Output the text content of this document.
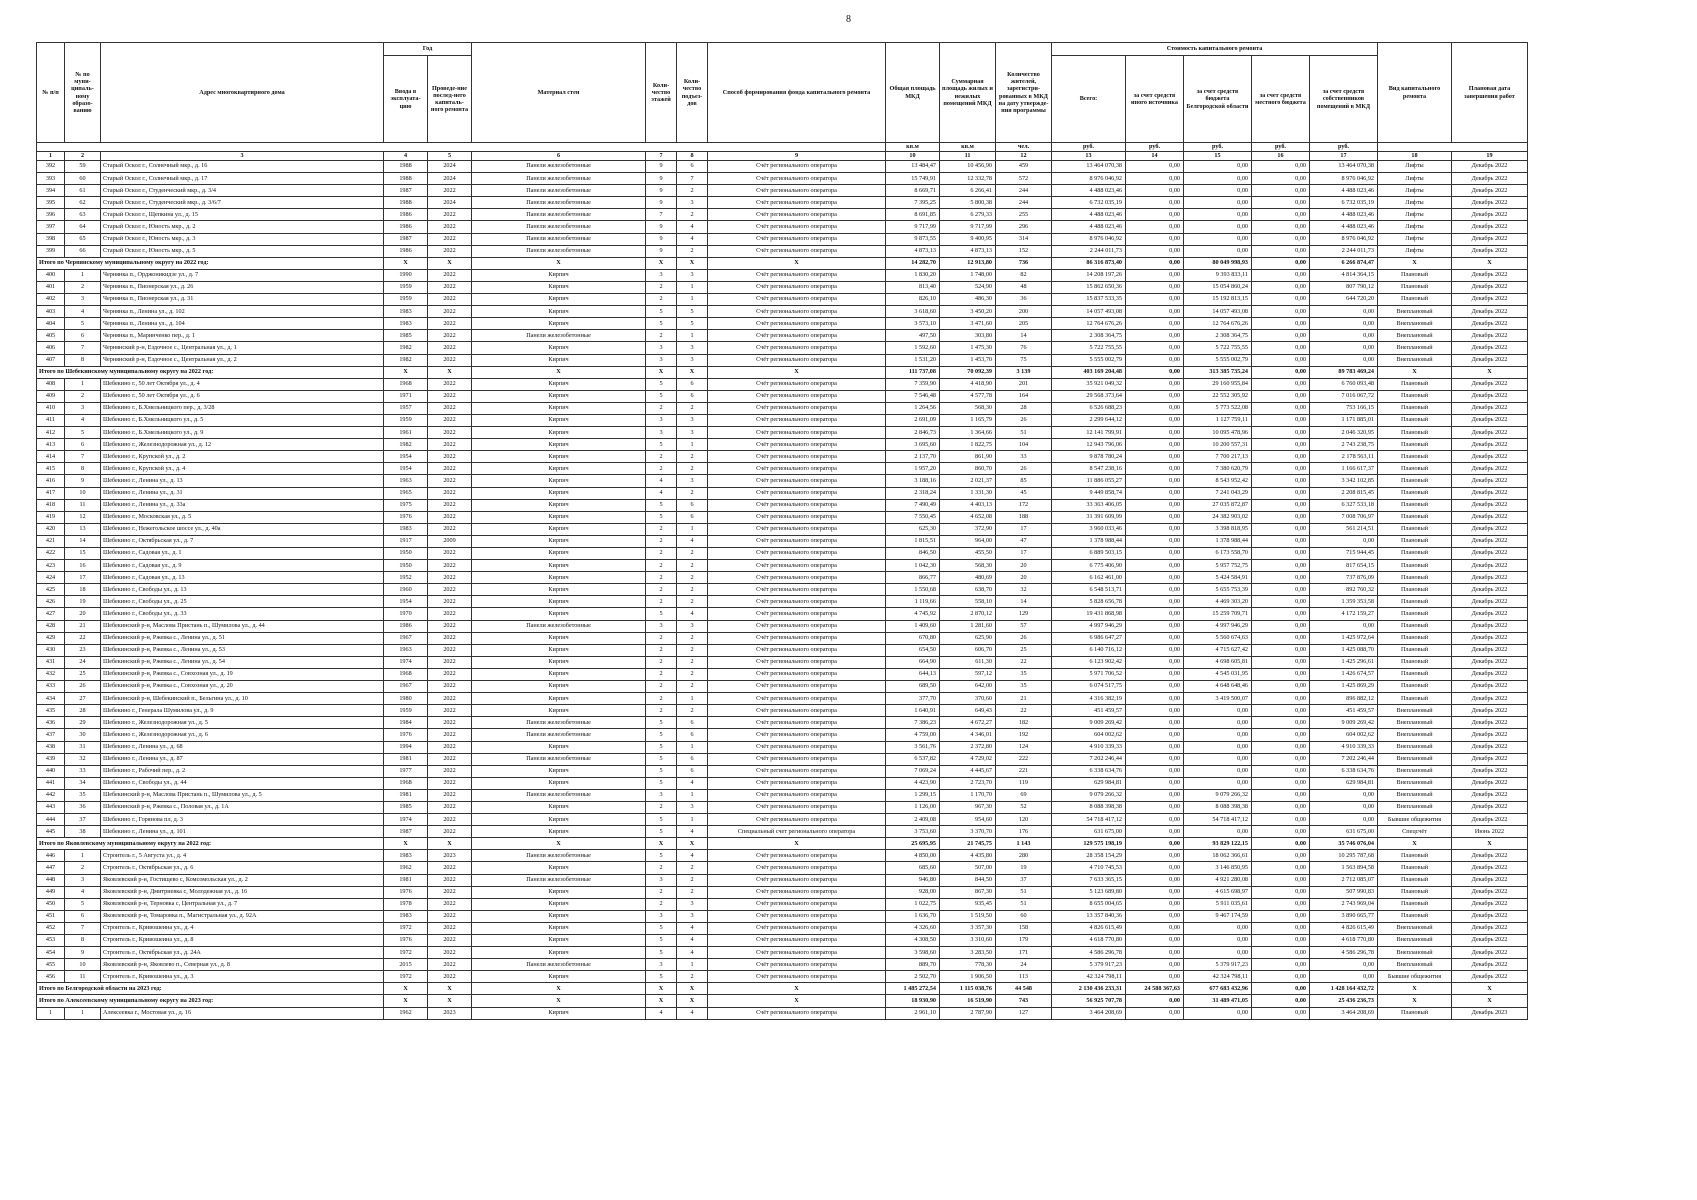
8
№ п/п	№ по муни-ципаль-ному образо-ванию	Адрес многоквартирного дома	Год		Материал стен	Коли-чество этажей	Коли-чество подъез-дов	Способ формирования фонда капитального ремонта	Общая площадь МКД	Суммарная площадь жилых и нежилых помещений МКД	Количество жителей, зарегистри-рованных в МКД на дату утвержде-ния программы	Стоимость капитального ремонта					Вид капитального ремонта	Плановая дата завершения работ
			Ввода в эксплуата-цию	Проведе-ние послед-него капиталь-ного ремонта								Всего:	за счет средств иного источника	за счет средств бюджета Белгородской области	за счет средств местного бюджета	за счет средств собственников помещений в МКД		
									кв.м	кв.м	чел.	руб.	руб.	руб.	руб.	руб.		
1	2	3	4	5	6	7	8	9	10	11	12	13	14	15	16	17	18	19
392	59	Старый Оскол г., Солнечный мкр., д. 16	1988	2024	Панели железобетонные	9	6	Счёт регионального оператора	13 484,47	10 456,90	459	13 464 070,38	0,00	0,00	0,00	13 464 070,38	Лифты	Декабрь 2022
393	60	Старый Оскол г., Солнечный мкр., д. 17	1988	2024	Панели железобетонные	9	7	Счёт регионального оператора	15 749,91	12 332,78	572	8 976 046,92	0,00	0,00	0,00	8 976 046,92	Лифты	Декабрь 2022
394	61	Старый Оскол г., Студенческий мкр., д. 3/4	1987	2022	Панели железобетонные	9	2	Счёт регионального оператора	8 669,71	6 266,41	244	4 488 023,46	0,00	0,00	0,00	4 488 023,46	Лифты	Декабрь 2022
395	62	Старый Оскол г., Студенческий мкр., д. 3/6/7	1988	2024	Панели железобетонные	9	3	Счёт регионального оператора	7 395,25	5 800,38	244	6 732 035,19	0,00	0,00	0,00	6 732 035,19	Лифты	Декабрь 2022
396	63	Старый Оскол г., Щепкина ул., д. 15	1986	2022	Панели железобетонные	7	2	Счёт регионального оператора	8 691,85	6 279,33	255	4 488 023,46	0,00	0,00	0,00	4 488 023,46	Лифты	Декабрь 2022
397	64	Старый Оскол г., Юность мкр., д. 2	1986	2022	Панели железобетонные	9	4	Счёт регионального оператора	9 717,99	9 717,99	296	4 488 023,46	0,00	0,00	0,00	4 488 023,46	Лифты	Декабрь 2022
398	65	Старый Оскол г., Юность мкр., д. 3	1987	2022	Панели железобетонные	9	4	Счёт регионального оператора	9 873,55	9 400,95	314	8 976 046,92	0,00	0,00	0,00	8 976 046,92	Лифты	Декабрь 2022
399	66	Старый Оскол г., Юность мкр., д. 5	1986	2022	Панели железобетонные	9	2	Счёт регионального оператора	4 873,13	4 873,13	152	2 244 011,73	0,00	0,00	0,00	2 244 011,73	Лифты	Декабрь 2022
Итого по Чернянскому муниципальному округу на 2022 год:			X	X	X	X	X	X	14 282,70	12 913,80	736	86 316 873,40	0,00	80 049 998,93	0,00	6 266 874,47	X	X
400	1	Чернянка п., Орджоникидзе ул., д. 7	1990	2022	Кирпич	3	3	Счёт регионального оператора	1 830,20	1 748,00	82	14 208 197,26	0,00	9 393 833,11	0,00	4 814 364,15	Плановый	Декабрь 2022
401	2	Чернянка п., Пионерская ул., д. 26	1959	2022	Кирпич	2	1	Счёт регионального оператора	813,40	524,90	48	15 862 650,36	0,00	15 054 860,24	0,00	807 790,12	Плановый	Декабрь 2022
402	3	Чернянка п., Пионерская ул., д. 31	1959	2022	Кирпич	2	1	Счёт регионального оператора	826,10	486,30	36	15 837 533,35	0,00	15 192 813,15	0,00	644 720,20	Плановый	Декабрь 2022
403	4	Чернянка п., Ленина ул., д. 102	1983	2022	Кирпич	5	5	Счёт регионального оператора	3 618,60	3 450,20	200	14 057 493,08	0,00	14 057 493,08	0,00	0,00	Внеплановый	Декабрь 2022
404	5	Чернянка п., Ленина ул., д. 104	1983	2022	Кирпич	5	5	Счёт регионального оператора	3 573,10	3 471,60	205	12 764 676,26	0,00	12 764 676,26	0,00	0,00	Внеплановый	Декабрь 2022
405	6	Чернянка п., Маринченко пер., д. 1	1985	2022	Панели железобетонные	2	1	Счёт регионального оператора	497,50	303,80	14	2 308 364,75	0,00	2 308 364,75	0,00	0,00	Внеплановый	Декабрь 2022
406	7	Чернянский р-н, Ездочное с., Центральная ул., д. 1	1982	2022	Кирпич	3	3	Счёт регионального оператора	1 592,60	1 475,30	76	5 722 755,55	0,00	5 722 755,55	0,00	0,00	Внеплановый	Декабрь 2022
407	8	Чернянский р-н, Ездочное с., Центральная ул., д. 2	1982	2022	Кирпич	3	3	Счёт регионального оператора	1 531,20	1 453,70	75	5 555 002,79	0,00	5 555 002,79	0,00	0,00	Внеплановый	Декабрь 2022
Итого по Шебекинскому муниципальному округу на 2022 год:			X	X	X	X	X	X	111 737,08	70 092,39	3 139	403 169 204,48	0,00	313 385 735,24	0,00	89 783 469,24	X	X
408	1	Шебекино г., 50 лет Октября ул., д. 4	1968	2022	Кирпич	5	6	Счёт регионального оператора	7 359,90	4 418,90	201	35 921 049,32	0,00	29 160 955,84	0,00	6 760 093,48	Плановый	Декабрь 2022
409	2	Шебекино г., 50 лет Октября ул., д. 6	1971	2022	Кирпич	5	6	Счёт регионального оператора	7 546,48	4 577,78	164	29 568 373,64	0,00	22 552 305,92	0,00	7 016 067,72	Плановый	Декабрь 2022
410	3	Шебекино г., Б.Хмельницкого пер., д. 3/28	1957	2022	Кирпич	2	2	Счёт регионального оператора	1 264,56	568,30	28	6 526 688,23	0,00	5 773 522,08	0,00	753 166,15	Плановый	Декабрь 2022
411	4	Шебекино г., Б.Хмельницкого ул., д. 5	1959	2022	Кирпич	3	3	Счёт регионального оператора	2 691,09	1 165,79	26	2 299 644,12	0,00	1 127 759,11	0,00	1 171 885,01	Плановый	Декабрь 2022
412	5	Шебекино г., Б.Хмельницкого ул., д. 9	1961	2022	Кирпич	3	3	Счёт регионального оператора	2 846,73	1 364,66	51	12 141 799,91	0,00	10 095 478,96	0,00	2 046 320,95	Плановый	Декабрь 2022
413	6	Шебекино г., Железнодорожная ул., д. 12	1982	2022	Кирпич	5	1	Счёт регионального оператора	3 695,60	1 822,75	104	12 943 796,06	0,00	10 200 557,31	0,00	2 743 238,75	Плановый	Декабрь 2022
414	7	Шебекино г., Крупской ул., д. 2	1954	2022	Кирпич	2	2	Счёт регионального оператора	2 137,70	861,90	33	9 878 780,24	0,00	7 700 217,13	0,00	2 178 563,11	Плановый	Декабрь 2022
415	8	Шебекино г., Крупской ул., д. 4	1954	2022	Кирпич	2	2	Счёт регионального оператора	1 957,20	860,70	26	8 547 238,16	0,00	7 380 620,79	0,00	1 166 617,37	Плановый	Декабрь 2022
416	9	Шебекино г., Ленина ул., д. 13	1963	2022	Кирпич	4	3	Счёт регионального оператора	3 188,16	2 021,37	85	11 886 055,27	0,00	8 543 952,42	0,00	3 342 102,85	Плановый	Декабрь 2022
417	10	Шебекино г., Ленина ул., д. 31	1965	2022	Кирпич	4	2	Счёт регионального оператора	2 318,24	1 331,30	45	9 449 858,74	0,00	7 241 043,29	0,00	2 208 815,45	Плановый	Декабрь 2022
418	11	Шебекино г., Ленина ул., д. 33а	1975	2022	Кирпич	5	6	Счёт регионального оператора	7 490,49	4 403,13	172	33 363 406,05	0,00	27 035 872,87	0,00	6 327 533,18	Плановый	Декабрь 2022
419	12	Шебекино г., Московская ул., д. 5	1976	2022	Кирпич	5	6	Счёт регионального оператора	7 550,45	4 652,08	188	31 391 609,99	0,00	24 382 903,02	0,00	7 008 706,97	Плановый	Декабрь 2022
420	13	Шебекино г., Нежегольское шоссе ул., д. 40а	1983	2022	Кирпич	2	1	Счёт регионального оператора	625,30	372,90	17	3 960 033,46	0,00	3 398 818,95	0,00	561 214,51	Плановый	Декабрь 2022
421	14	Шебекино г., Октябрьская ул., д. 7	1917	2009	Кирпич	2	4	Счёт регионального оператора	1 815,51	964,00	47	1 378 988,44	0,00	1 378 988,44	0,00	0,00	Плановый	Декабрь 2022
422	15	Шебекино г., Садовая ул., д. 1	1950	2022	Кирпич	2	2	Счёт регионального оператора	846,50	455,50	17	6 889 503,15	0,00	6 173 558,70	0,00	715 944,45	Плановый	Декабрь 2022
423	16	Шебекино г., Садовая ул., д. 9	1950	2022	Кирпич	2	2	Счёт регионального оператора	1 042,30	568,30	20	6 775 406,90	0,00	5 957 752,75	0,00	817 654,15	Плановый	Декабрь 2022
424	17	Шебекино г., Садовая ул., д. 13	1952	2022	Кирпич	2	2	Счёт регионального оператора	866,77	480,69	20	6 162 461,00	0,00	5 424 584,91	0,00	737 876,09	Плановый	Декабрь 2022
425	18	Шебекино г., Свободы ул., д. 13	1960	2022	Кирпич	2	2	Счёт регионального оператора	1 550,68	638,70	32	6 548 513,71	0,00	5 655 753,39	0,00	892 760,32	Плановый	Декабрь 2022
426	19	Шебекино г., Свободы ул., д. 25	1954	2022	Кирпич	2	2	Счёт регионального оператора	1 119,66	558,10	14	5 828 656,78	0,00	4 469 303,20	0,00	1 359 353,58	Плановый	Декабрь 2022
427	20	Шебекино г., Свободы ул., д. 33	1970	2022	Кирпич	5	4	Счёт регионального оператора	4 745,92	2 870,12	129	19 431 868,98	0,00	15 259 709,71	0,00	4 172 159,27	Плановый	Декабрь 2022
428	21	Шебекинский р-н, Маслова Пристань п., Шумилова ул., д. 44	1986	2022	Панели железобетонные	3	3	Счёт регионального оператора	1 409,60	1 281,60	57	4 997 946,29	0,00	4 997 946,29	0,00	0,00	Плановый	Декабрь 2022
429	22	Шебекинский р-н, Ржевка с., Ленина ул., д. 51	1967	2022	Кирпич	2	2	Счёт регионального оператора	670,80	625,90	26	6 986 647,27	0,00	5 560 674,63	0,00	1 425 972,64	Плановый	Декабрь 2022
430	23	Шебекинский р-н, Ржевка с., Ленина ул., д. 53	1963	2022	Кирпич	2	2	Счёт регионального оператора	654,50	606,70	25	6 140 716,12	0,00	4 715 627,42	0,00	1 425 088,70	Плановый	Декабрь 2022
431	24	Шебекинский р-н, Ржевка с., Ленина ул., д. 54	1974	2022	Кирпич	2	2	Счёт регионального оператора	664,90	611,30	22	6 123 902,42	0,00	4 698 605,81	0,00	1 425 296,61	Плановый	Декабрь 2022
432	25	Шебекинский р-н, Ржевка с., Совхозная ул., д. 19	1968	2022	Кирпич	2	2	Счёт регионального оператора	644,13	597,12	35	5 971 706,52	0,00	4 545 031,95	0,00	1 426 674,57	Плановый	Декабрь 2022
433	26	Шебекинский р-н, Ржевка с., Совхозная ул., д. 20	1967	2022	Кирпич	2	2	Счёт регионального оператора	689,50	642,00	35	6 074 517,75	0,00	4 648 648,46	0,00	1 425 869,29	Плановый	Декабрь 2022
434	27	Шебекинский р-н, Шебекинский п., Бельгина ул., д. 10	1980	2022	Кирпич	2	1	Счёт регионального оператора	377,70	370,60	21	4 316 382,19	0,00	3 419 500,07	0,00	896 882,12	Плановый	Декабрь 2022
435	28	Шебекино г., Генерала Шумилова ул., д. 9	1959	2022	Кирпич	2	2	Счёт регионального оператора	1 640,91	649,43	22	451 459,57	0,00	0,00	0,00	451 459,57	Внеплановый	Декабрь 2022
436	29	Шебекино г., Железнодорожная ул., д. 5	1984	2022	Панели железобетонные	5	6	Счёт регионального оператора	7 386,23	4 672,27	182	9 009 269,42	0,00	0,00	0,00	9 009 269,42	Внеплановый	Декабрь 2022
437	30	Шебекино г., Железнодорожная ул., д. 6	1976	2022	Панели железобетонные	5	6	Счёт регионального оператора	4 759,00	4 346,01	192	604 002,62	0,00	0,00	0,00	604 002,62	Внеплановый	Декабрь 2022
438	31	Шебекино г., Ленина ул., д. 68	1994	2022	Кирпич	5	1	Счёт регионального оператора	3 561,76	2 372,80	124	4 910 339,33	0,00	0,00	0,00	4 910 339,33	Внеплановый	Декабрь 2022
439	32	Шебекино г., Ленина ул., д. 87	1981	2022	Панели железобетонные	5	6	Счёт регионального оператора	6 537,82	4 729,02	222	7 202 246,44	0,00	0,00	0,00	7 202 246,44	Внеплановый	Декабрь 2022
440	33	Шебекино г., Рабочий пер., д. 2	1977	2022	Кирпич	5	6	Счёт регионального оператора	7 069,24	4 445,67	221	6 338 634,76	0,00	0,00	0,00	6 338 634,76	Внеплановый	Декабрь 2022
441	34	Шебекино г., Свободы ул., д. 44	1968	2022	Кирпич	5	4	Счёт регионального оператора	4 423,90	2 723,70	119	629 984,81	0,00	0,00	0,00	629 984,81	Внеплановый	Декабрь 2022
442	35	Шебекинский р-н, Маслова Пристань п., Шумилова ул., д. 5	1981	2022	Панели железобетонные	3	1	Счёт регионального оператора	1 299,15	1 170,70	69	9 079 266,32	0,00	9 079 266,32	0,00	0,00	Внеплановый	Декабрь 2022
443	36	Шебекинский р-н, Ржевка с., Половая ул., д. 1А	1985	2022	Кирпич	2	3	Счёт регионального оператора	1 126,00	967,30	52	8 088 398,38	0,00	8 088 398,38	0,00	0,00	Внеплановый	Декабрь 2022
444	37	Шебекино г., Горянова пл, д. 3	1974	2022	Кирпич	5	1	Счёт регионального оператора	2 409,08	954,60	120	54 718 417,12	0,00	54 718 417,12	0,00	0,00	Бывшие общежития	Декабрь 2022
445	38	Шебекино г., Ленина ул., д. 101	1987	2022	Кирпич	5	4	Специальный счет регионального оператора	3 753,60	3 370,70	176	631 675,00	0,00	0,00	0,00	631 675,00	Спецсчёт	Июнь 2022
Итого по Яковлевскому муниципальному округу на 2022 год:			X	X	X	X	X	X	25 695,95	21 745,75	1 143	129 575 198,19	0,00	93 829 122,15	0,00	35 746 076,04	X	X
446	1	Строитель г., 5 Августа ул., д. 4	1983	2023	Панели железобетонные	5	4	Счёт регионального оператора	4 850,00	4 435,80	280	28 358 154,29	0,00	18 062 366,61	0,00	10 295 787,68	Плановый	Декабрь 2022
447	2	Строитель г., Октябрьская ул., д. 6	1962	2022	Кирпич	2	2	Счёт регионального оператора	685,60	507,00	19	4 710 745,53	0,00	3 146 850,95	0,00	1 563 894,58	Плановый	Декабрь 2022
448	3	Яковлевский р-н, Гостищево с, Комсомольская ул., д. 2	1981	2022	Панели железобетонные	3	2	Счёт регионального оператора	946,80	844,50	37	7 633 365,15	0,00	4 921 280,08	0,00	2 712 085,07	Плановый	Декабрь 2022
449	4	Яковлевский р-н, Дмитриевка с, Молодежная ул., д. 16	1976	2022	Кирпич	2	2	Счёт регионального оператора	928,00	867,30	51	5 123 689,80	0,00	4 615 698,97	0,00	507 990,83	Плановый	Декабрь 2022
450	5	Яковлевский р-н, Терновка с, Центральная ул., д. 7	1978	2022	Кирпич	2	3	Счёт регионального оператора	1 022,75	935,45	51	8 655 004,65	0,00	5 911 035,61	0,00	2 743 969,04	Плановый	Декабрь 2022
451	6	Яковлевский р-н, Томаровка п., Магистральная ул., д. 92А	1983	2022	Кирпич	3	3	Счёт регионального оператора	1 636,70	1 519,50	60	13 357 840,36	0,00	9 467 174,59	0,00	3 890 665,77	Плановый	Декабрь 2022
452	7	Строитель г., Кривошеина ул., д. 4	1972	2022	Кирпич	5	4	Счёт регионального оператора	4 326,60	3 357,30	158	4 826 615,49	0,00	0,00	0,00	4 826 615,49	Внеплановый	Декабрь 2022
453	8	Строитель г., Кривошеина ул., д. 8	1976	2022	Кирпич	5	4	Счёт регионального оператора	4 308,50	3 310,60	179	4 618 770,80	0,00	0,00	0,00	4 618 770,80	Внеплановый	Декабрь 2022
454	9	Строитель г., Октябрьская ул., д. 24А	1972	2022	Кирпич	5	4	Счёт регионального оператора	3 598,60	3 283,50	171	4 586 296,78	0,00	0,00	0,00	4 586 296,78	Внеплановый	Декабрь 2022
455	10	Яковлевский р-н, Яковлево п., Северная ул., д. 8	2015	2022	Панели железобетонные	3	1	Счёт регионального оператора	889,70	778,30	24	5 379 917,23	0,00	5 379 917,23	0,00	0,00	Внеплановый	Декабрь 2022
456	11	Строитель г., Кривошеина ул., д. 3	1972	2022	Кирпич	5	2	Счёт регионального оператора	2 502,70	1 906,50	113	42 324 798,11	0,00	42 324 798,11	0,00	0,00	Бывшие общежития	Декабрь 2022
Итого по Белгородской области на 2023 год:			X	X	X	X	X	X	1 485 272,54	1 115 038,76	44 548	2 130 436 233,31	24 588 367,63	677 683 432,96	0,00	1 428 164 432,72	X	X
Итого по Алексеевскому муниципальному округу на 2023 год:			X	X	X	X	X	X	18 930,90	16 519,90	743	56 925 707,78	0,00	31 489 471,05	0,00	25 436 236,73	X	X
1	1	Алексеевка г., Мостовая ул., д. 16	1962	2023	Кирпич	4	4	Счёт регионального оператора	2 961,10	2 787,90	127	3 464 208,69	0,00	0,00	0,00	3 464 208,69	Плановый	Декабрь 2023
